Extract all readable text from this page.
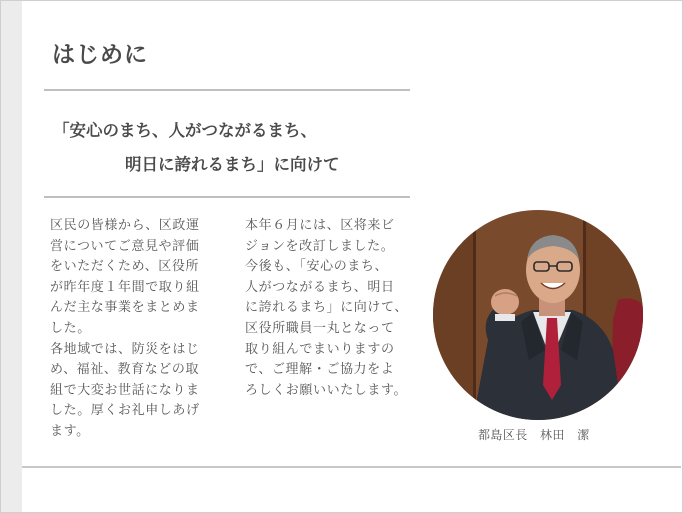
はじめに
「安心のまち、人がつながるまち、
明日に誇れるまち」に向けて

区民の皆様から、区政運

営についてご意見や評価

をいただくため、区役所

が昨年度１年間で取り組

んだ主な事業をまとめま

した。

各地域では、防災をはじ

め、福祉、教育などの取

組で大変お世話になりま

した。厚くお礼申しあげ

ます。

本年６月には、区将来ビ

ジョンを改訂しました。

今後も、「安心のまち、

人がつながるまち、明日

に誇れるまち」に向けて、

区役所職員一丸となって

取り組んでまいりますの

で、ご理解・ご協力をよ

ろしくお願いいたします。

都島区長　林田　潔
